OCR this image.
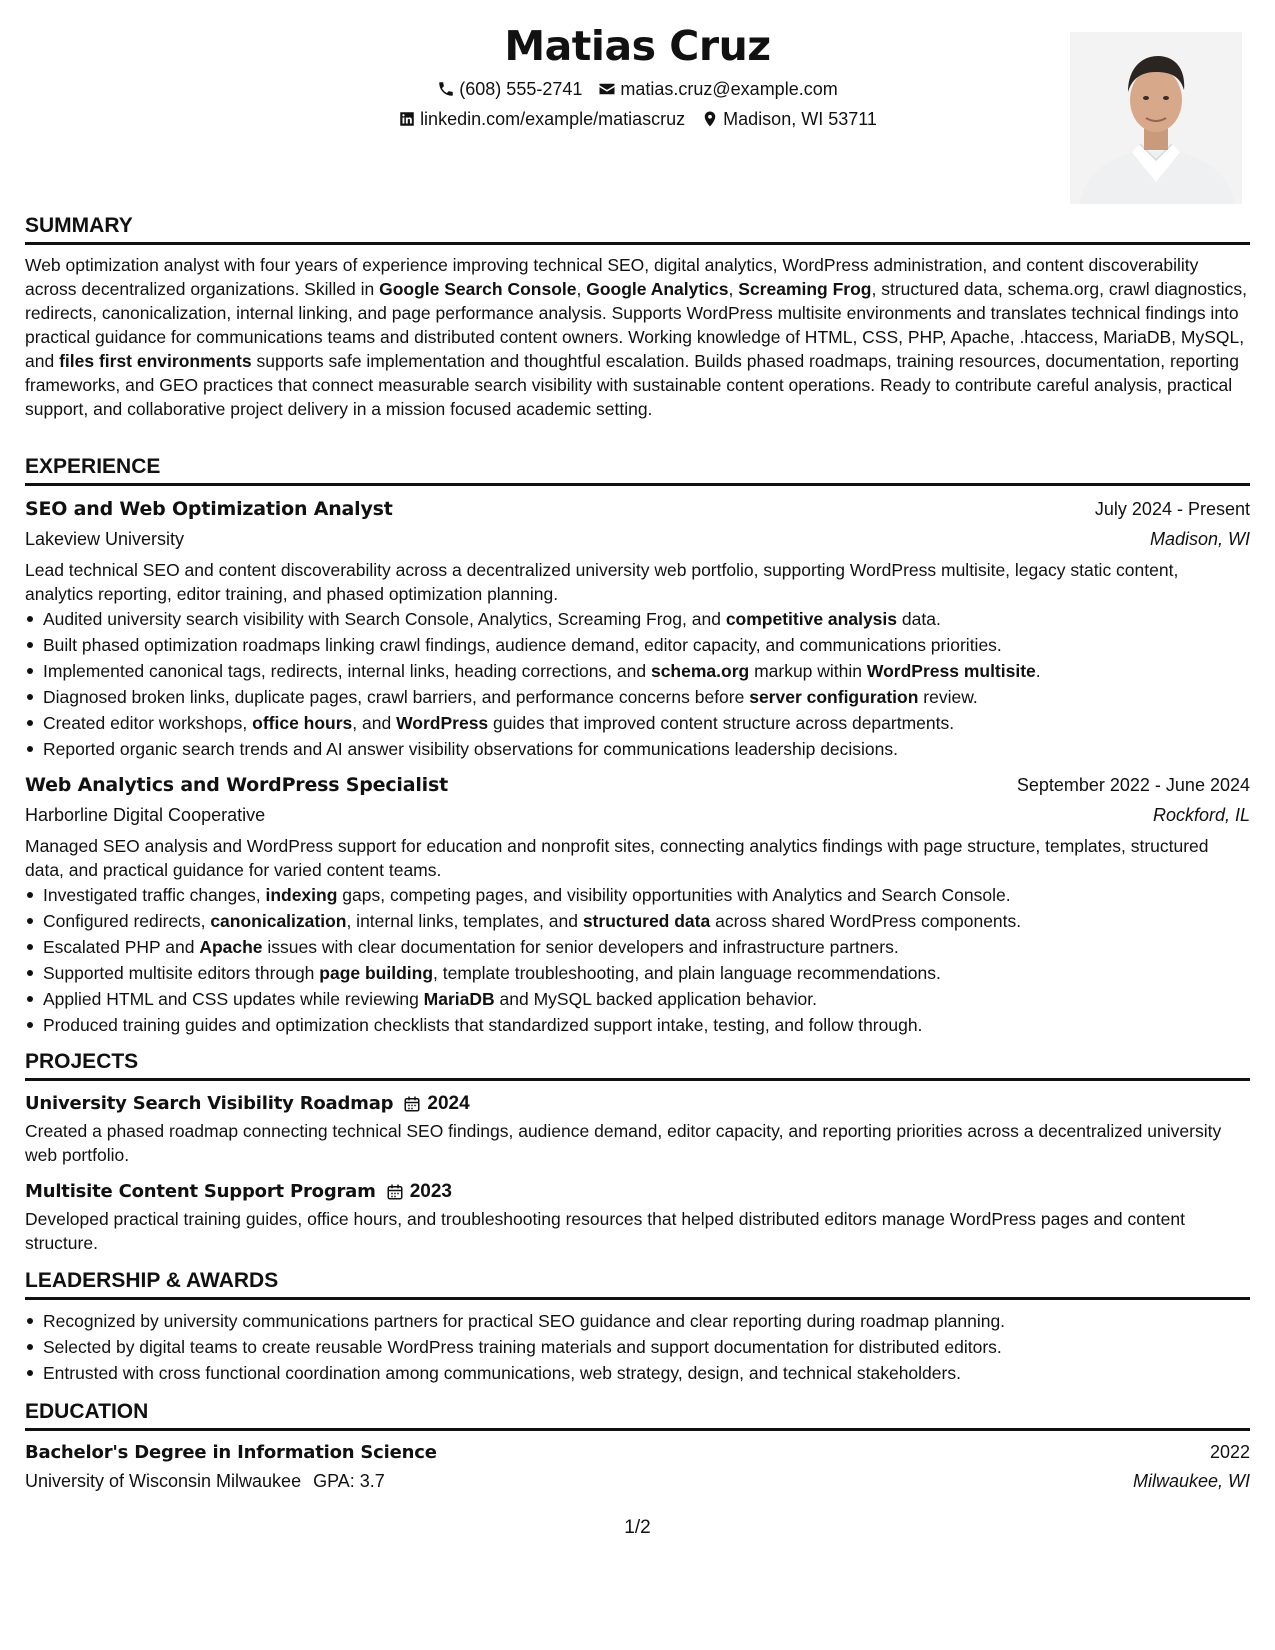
Matias Cruz
(608) 555-2741 matias.cruz@example.com
linkedin.com/example/matiascruz Madison, WI 53711
SUMMARY

Web optimization analyst with four years of experience improving technical SEO, digital analytics, WordPress administration, and content discoverability across decentralized organizations. Skilled in Google Search Console, Google Analytics, Screaming Frog, structured data, schema.org, crawl diagnostics, redirects, canonicalization, internal linking, and page performance analysis. Supports WordPress multisite environments and translates technical findings into practical guidance for communications teams and distributed content owners. Working knowledge of HTML, CSS, PHP, Apache, .htaccess, MariaDB, MySQL, and files first environments supports safe implementation and thoughtful escalation. Builds phased roadmaps, training resources, documentation, reporting frameworks, and GEO practices that connect measurable search visibility with sustainable content operations. Ready to contribute careful analysis, practical support, and collaborative project delivery in a mission focused academic setting.

EXPERIENCE
SEO and Web Optimization Analyst	July 2024 - Present
Lakeview University	Madison, WI

Lead technical SEO and content discoverability across a decentralized university web portfolio, supporting WordPress multisite, legacy static content, analytics reporting, editor training, and phased optimization planning.

Audited university search visibility with Search Console, Analytics, Screaming Frog, and competitive analysis data.
Built phased optimization roadmaps linking crawl findings, audience demand, editor capacity, and communications priorities.
Implemented canonical tags, redirects, internal links, heading corrections, and schema.org markup within WordPress multisite.
Diagnosed broken links, duplicate pages, crawl barriers, and performance concerns before server configuration review.
Created editor workshops, office hours, and WordPress guides that improved content structure across departments.
Reported organic search trends and AI answer visibility observations for communications leadership decisions.
Web Analytics and WordPress Specialist	September 2022 - June 2024
Harborline Digital Cooperative	Rockford, IL

Managed SEO analysis and WordPress support for education and nonprofit sites, connecting analytics findings with page structure, templates, structured data, and practical guidance for varied content teams.

Investigated traffic changes, indexing gaps, competing pages, and visibility opportunities with Analytics and Search Console.
Configured redirects, canonicalization, internal links, templates, and structured data across shared WordPress components.
Escalated PHP and Apache issues with clear documentation for senior developers and infrastructure partners.
Supported multisite editors through page building, template troubleshooting, and plain language recommendations.
Applied HTML and CSS updates while reviewing MariaDB and MySQL backed application behavior.
Produced training guides and optimization checklists that standardized support intake, testing, and follow through.
PROJECTS
University Search Visibility Roadmap 2024

Created a phased roadmap connecting technical SEO findings, audience demand, editor capacity, and reporting priorities across a decentralized university web portfolio.

Multisite Content Support Program 2023

Developed practical training guides, office hours, and troubleshooting resources that helped distributed editors manage WordPress pages and content structure.

LEADERSHIP & AWARDS
Recognized by university communications partners for practical SEO guidance and clear reporting during roadmap planning.
Selected by digital teams to create reusable WordPress training materials and support documentation for distributed editors.
Entrusted with cross functional coordination among communications, web strategy, design, and technical stakeholders.
EDUCATION
Bachelor's Degree in Information Science	2022
University of Wisconsin Milwaukee GPA: 3.7	Milwaukee, WI
1/2
